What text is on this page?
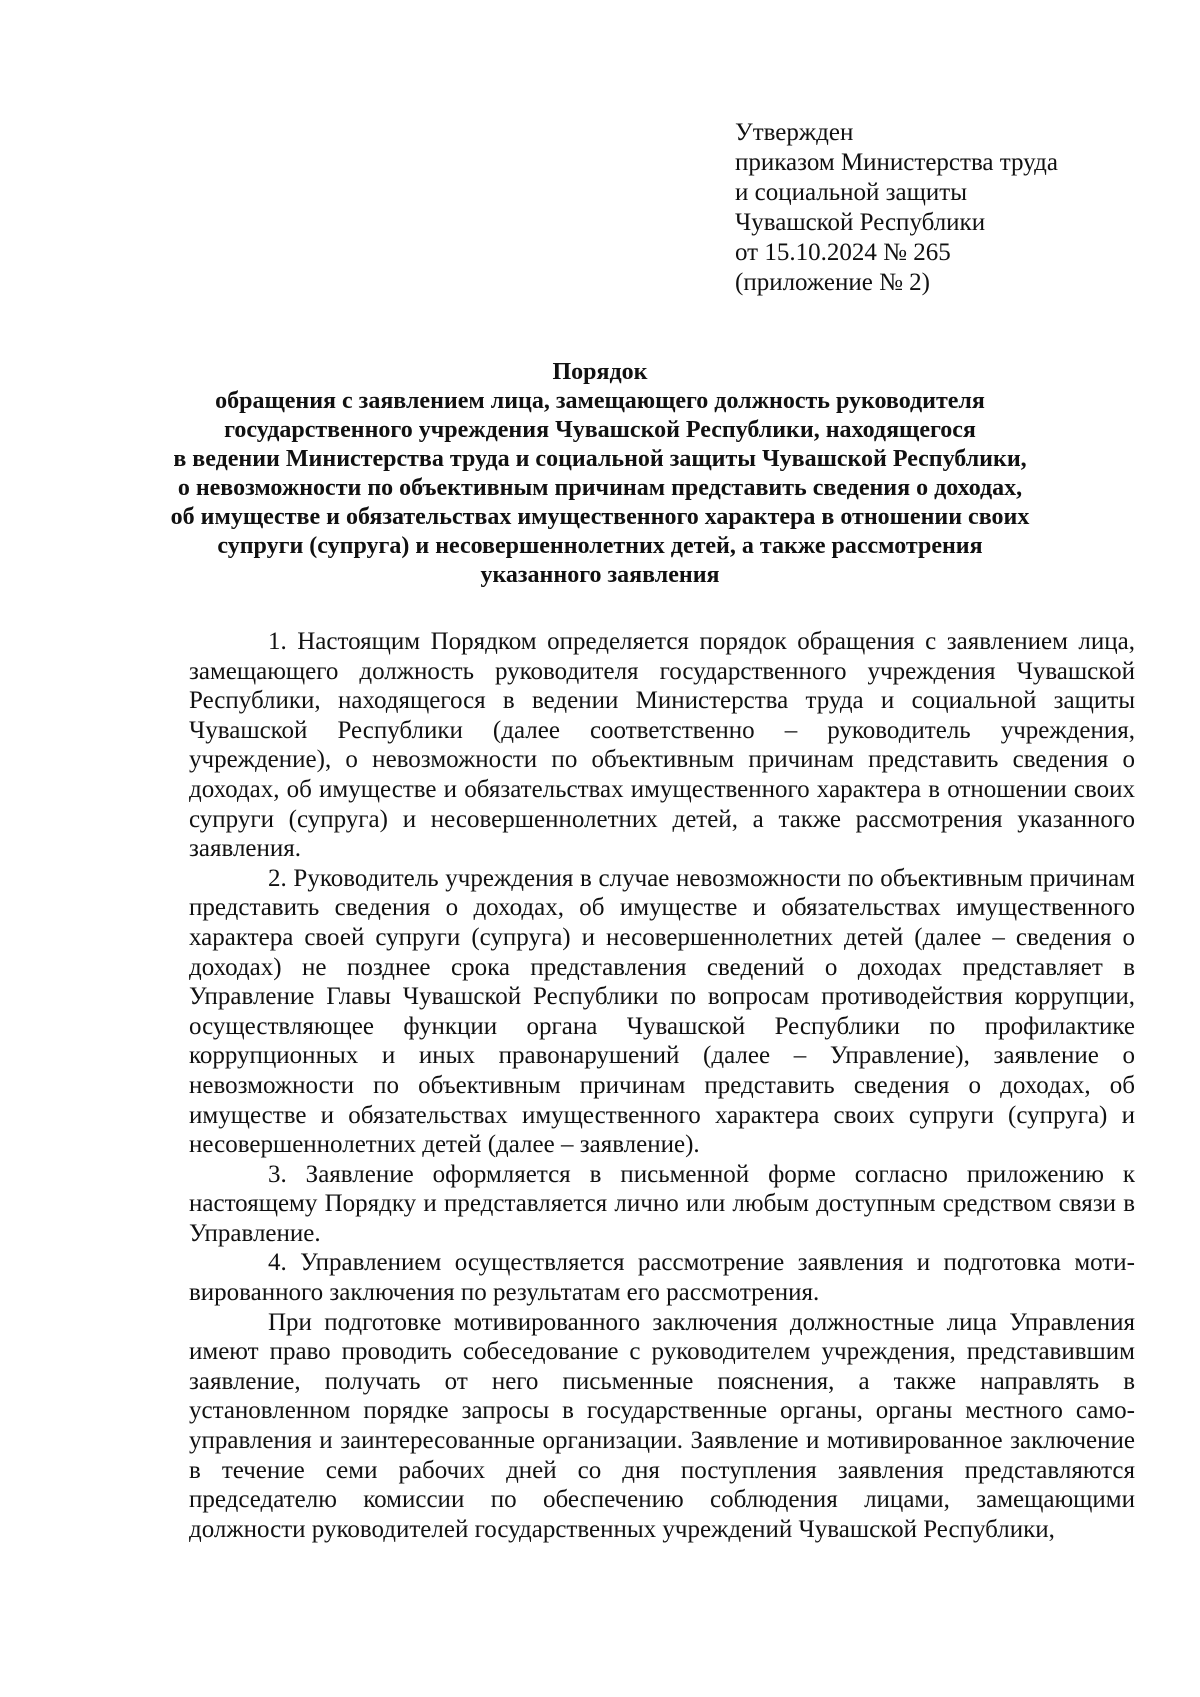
Утвержден
приказом Министерства труда
и социальной защиты
Чувашской Республики
от 15.10.2024 № 265
(приложение № 2)
Порядок
обращения с заявлением лица, замещающего должность руководителя
государственного учреждения Чувашской Республики, находящегося
в ведении Министерства труда и социальной защиты Чувашской Республики,
о невозможности по объективным причинам представить сведения о доходах,
об имуществе и обязательствах имущественного характера в отношении своих
супруги (супруга) и несовершеннолетних детей, а также рассмотрения
указанного заявления

1. Настоящим Порядком определяется порядок обращения с заявлением лица, замещающего должность руководителя государственного учреждения Чувашской Республики, находящегося в ведении Министерства труда и социальной защиты Чувашской Республики (далее соответственно – руководитель учреждения, учреждение), о невозможности по объективным причинам представить сведения о доходах, об имуществе и обязательствах имущественного характера в отношении своих супруги (супруга) и несовершеннолетних детей, а также рассмотрения указанного заявления.

2. Руководитель учреждения в случае невозможности по объективным причинам представить сведения о доходах, об имуществе и обязательствах имущественного характера своей супруги (супруга) и несовершеннолетних детей (далее – сведения о доходах) не позднее срока представления сведений о доходах представляет в Управление Главы Чувашской Республики по вопросам противодействия коррупции, осуществляющее функции органа Чувашской Республики по профилактике коррупционных и иных правонарушений (далее – Управление), заявление о невозможности по объективным причинам представить сведения о доходах, об имуществе и обязательствах имущественного характера своих супруги (супруга) и несовершеннолетних детей (далее – заявление).

3. Заявление оформляется в письменной форме согласно приложению к настоящему Порядку и представляется лично или любым доступным средством связи в Управление.

4. Управлением осуществляется рассмотрение заявления и подготовка мотивированного заключения по результатам его рассмотрения.

При подготовке мотивированного заключения должностные лица Управления имеют право проводить собеседование с руководителем учреждения, представившим заявление, получать от него письменные пояснения, а также направлять в установленном порядке запросы в государственные органы, органы местного самоуправления и заинтересованные организации. Заявление и мотивированное заключение в течение семи рабочих дней со дня поступления заявления представляются председателю комиссии по обеспечению соблюдения лицами, замещающими должности руководителей государственных учреждений Чувашской Республики,
